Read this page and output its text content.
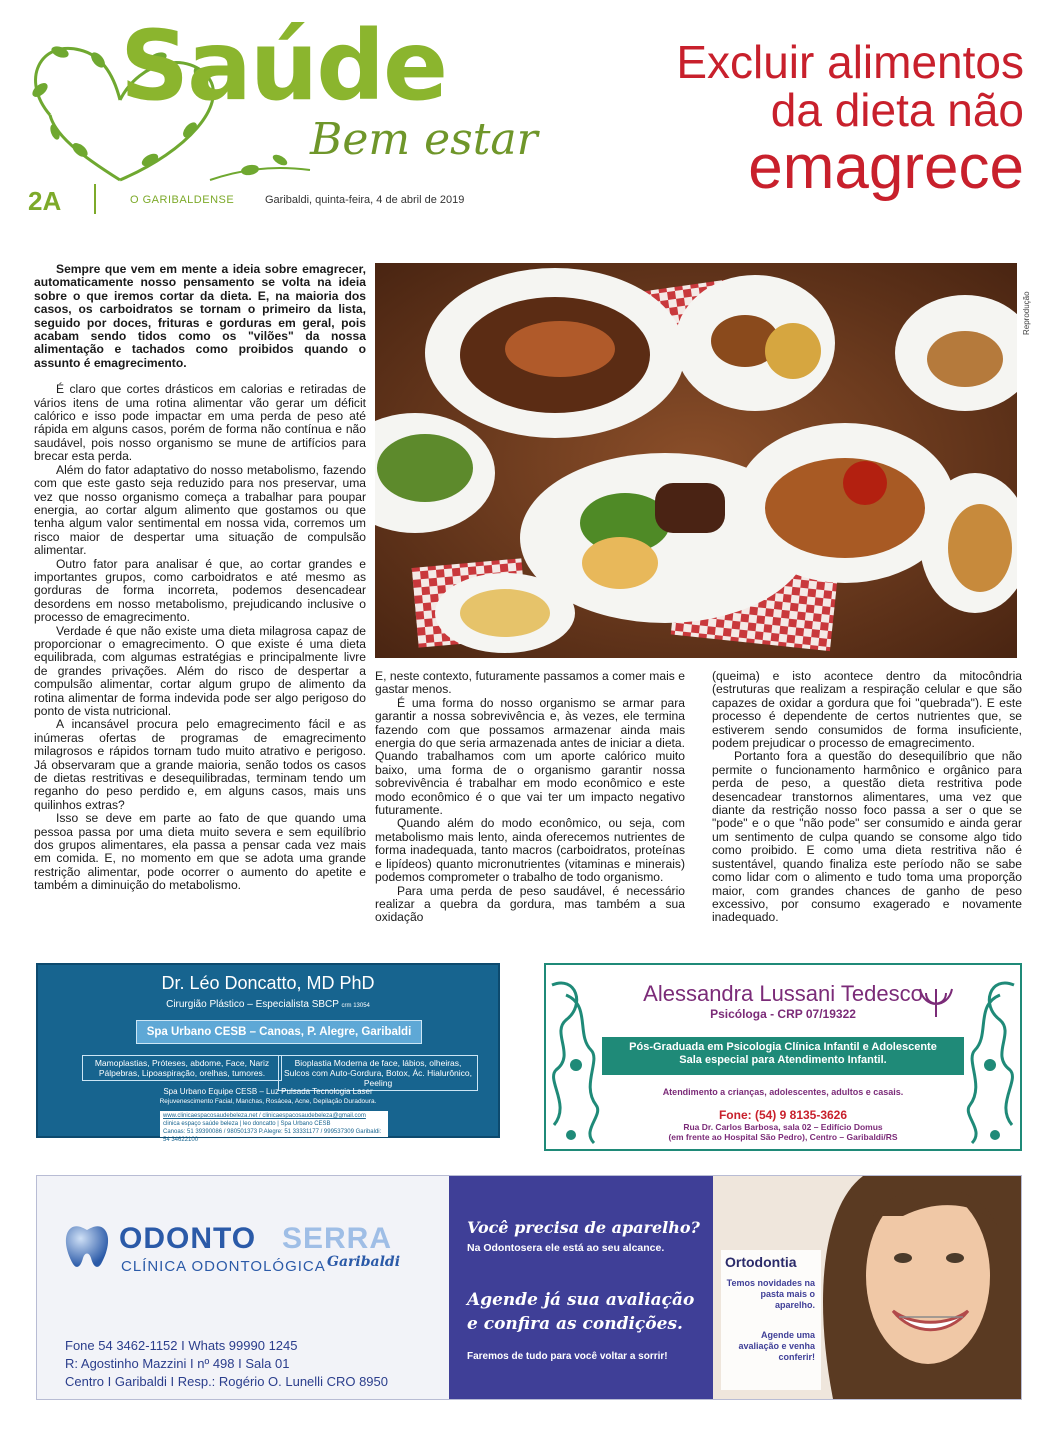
Saúde
Bem estar
2A	O GARIBALDENSE	Garibaldi, quinta-feira, 4 de abril de 2019
Excluir alimentos
da dieta não
emagrece

Sempre que vem em mente a ideia sobre emagrecer, automaticamente nosso pensamento se volta na ideia sobre o que iremos cortar da dieta. E, na maioria dos casos, os carboidratos se tornam o primeiro da lista, seguido por doces, frituras e gorduras em geral, pois acabam sendo tidos como os "vilões" da nossa alimentação e tachados como proibidos quando o assunto é emagrecimento.

É claro que cortes drásticos em calorias e retiradas de vários itens de uma rotina alimentar vão gerar um déficit calórico e isso pode impactar em uma perda de peso até rápida em alguns casos, porém de forma não contínua e não saudável, pois nosso organismo se mune de artifícios para brecar esta perda.

Além do fator adaptativo do nosso metabolismo, fazendo com que este gasto seja reduzido para nos preservar, uma vez que nosso organismo começa a trabalhar para poupar energia, ao cortar algum alimento que gostamos ou que tenha algum valor sentimental em nossa vida, corremos um risco maior de despertar uma situação de compulsão alimentar.

Outro fator para analisar é que, ao cortar grandes e importantes grupos, como carboidratos e até mesmo as gorduras de forma incorreta, podemos desencadear desordens em nosso metabolismo, prejudicando inclusive o processo de emagrecimento.

Verdade é que não existe uma dieta milagrosa capaz de proporcionar o emagrecimento. O que existe é uma dieta equilibrada, com algumas estratégias e principalmente livre de grandes privações. Além do risco de despertar a compulsão alimentar, cortar algum grupo de alimento da rotina alimentar de forma indevida pode ser algo perigoso do ponto de vista nutricional.

A incansável procura pelo emagrecimento fácil e as inúmeras ofertas de programas de emagrecimento milagrosos e rápidos tornam tudo muito atrativo e perigoso. Já observaram que a grande maioria, senão todos os casos de dietas restritivas e desequilibradas, terminam tendo um reganho do peso perdido e, em alguns casos, mais uns quilinhos extras?

Isso se deve em parte ao fato de que quando uma pessoa passa por uma dieta muito severa e sem equilíbrio dos grupos alimentares, ela passa a pensar cada vez mais em comida. E, no momento em que se adota uma grande restrição alimentar, pode ocorrer o aumento do apetite e também a diminuição do metabolismo.

Reprodução

E, neste contexto, futuramente passamos a comer mais e gastar menos.

É uma forma do nosso organismo se armar para garantir a nossa sobrevivência e, às vezes, ele termina fazendo com que possamos armazenar ainda mais energia do que seria armazenada antes de iniciar a dieta. Quando trabalhamos com um aporte calórico muito baixo, uma forma de o organismo garantir nossa sobrevivência é trabalhar em modo econômico e este modo econômico é o que vai ter um impacto negativo futuramente.

Quando além do modo econômico, ou seja, com metabolismo mais lento, ainda oferecemos nutrientes de forma inadequada, tanto macros (carboidratos, proteínas e lipídeos) quanto micronutrientes (vitaminas e minerais) podemos comprometer o trabalho de todo organismo.

Para uma perda de peso saudável, é necessário realizar a quebra da gordura, mas também a sua oxidação

(queima) e isto acontece dentro da mitocôndria (estruturas que realizam a respiração celular e que são capazes de oxidar a gordura que foi "quebrada"). E este processo é dependente de certos nutrientes que, se estiverem sendo consumidos de forma insuficiente, podem prejudicar o processo de emagrecimento.

Portanto fora a questão do desequilíbrio que não permite o funcionamento harmônico e orgânico para perda de peso, a questão dieta restritiva pode desencadear transtornos alimentares, uma vez que diante da restrição nosso foco passa a ser o que se "pode" e o que "não pode" ser consumido e ainda gerar um sentimento de culpa quando se consome algo tido como proibido. E como uma dieta restritiva não é sustentável, quando finaliza este período não se sabe como lidar com o alimento e tudo toma uma proporção maior, com grandes chances de ganho de peso excessivo, por consumo exagerado e novamente inadequado.

Dr. Léo Doncatto, MD PhD
Cirurgião Plástico – Especialista SBCP crm 13054
Spa Urbano CESB – Canoas, P. Alegre, Garibaldi
Mamoplastias, Próteses, abdome, Face, Nariz Pálpebras, Lipoaspiração, orelhas, tumores.
Bioplastia Moderna de face, lábios, olheiras, Sulcos com Auto-Gordura, Botox, Ác. Hialurônico, Peeling
Spa Urbano Equipe CESB – Luz Pulsada Tecnologia Laser
Rejuvenescimento Facial, Manchas, Rosácea, Acne, Depilação Duradoura.
www.clinicaespacosaudebeleza.net / clinicaespacosaudebeleza@gmail.com
clinica espaço saúde beleza | leo doncatto | Spa Urbano CESB
Canoas: 51 39390086 / 980501373 P.Alegre: 51 33331177 / 999537309 Garibaldi: 54 34622100
Alessandra Lussani Tedesco
Psicóloga - CRP 07/19322
Pós-Graduada em Psicologia Clínica Infantil e Adolescente
Sala especial para Atendimento Infantil.
Atendimento a crianças, adolescentes, adultos e casais.
Fone: (54) 9 8135-3626
Rua Dr. Carlos Barbosa, sala 02 – Edifício Domus
(em frente ao Hospital São Pedro), Centro – Garibaldi/RS
ODONTO SERRA
CLÍNICA ODONTOLÓGICA Garibaldi
Fone 54 3462-1152 I Whats 99990 1245
R: Agostinho Mazzini I nº 498 I Sala 01
Centro I Garibaldi I Resp.: Rogério O. Lunelli CRO 8950
Você precisa de aparelho?
Na Odontosera ele está ao seu alcance.
Agende já sua avaliação
e confira as condições.
Faremos de tudo para você voltar a sorrir!
Ortodontia
Temos novidades na pasta mais o aparelho.
Agende uma avaliação e venha conferir!
